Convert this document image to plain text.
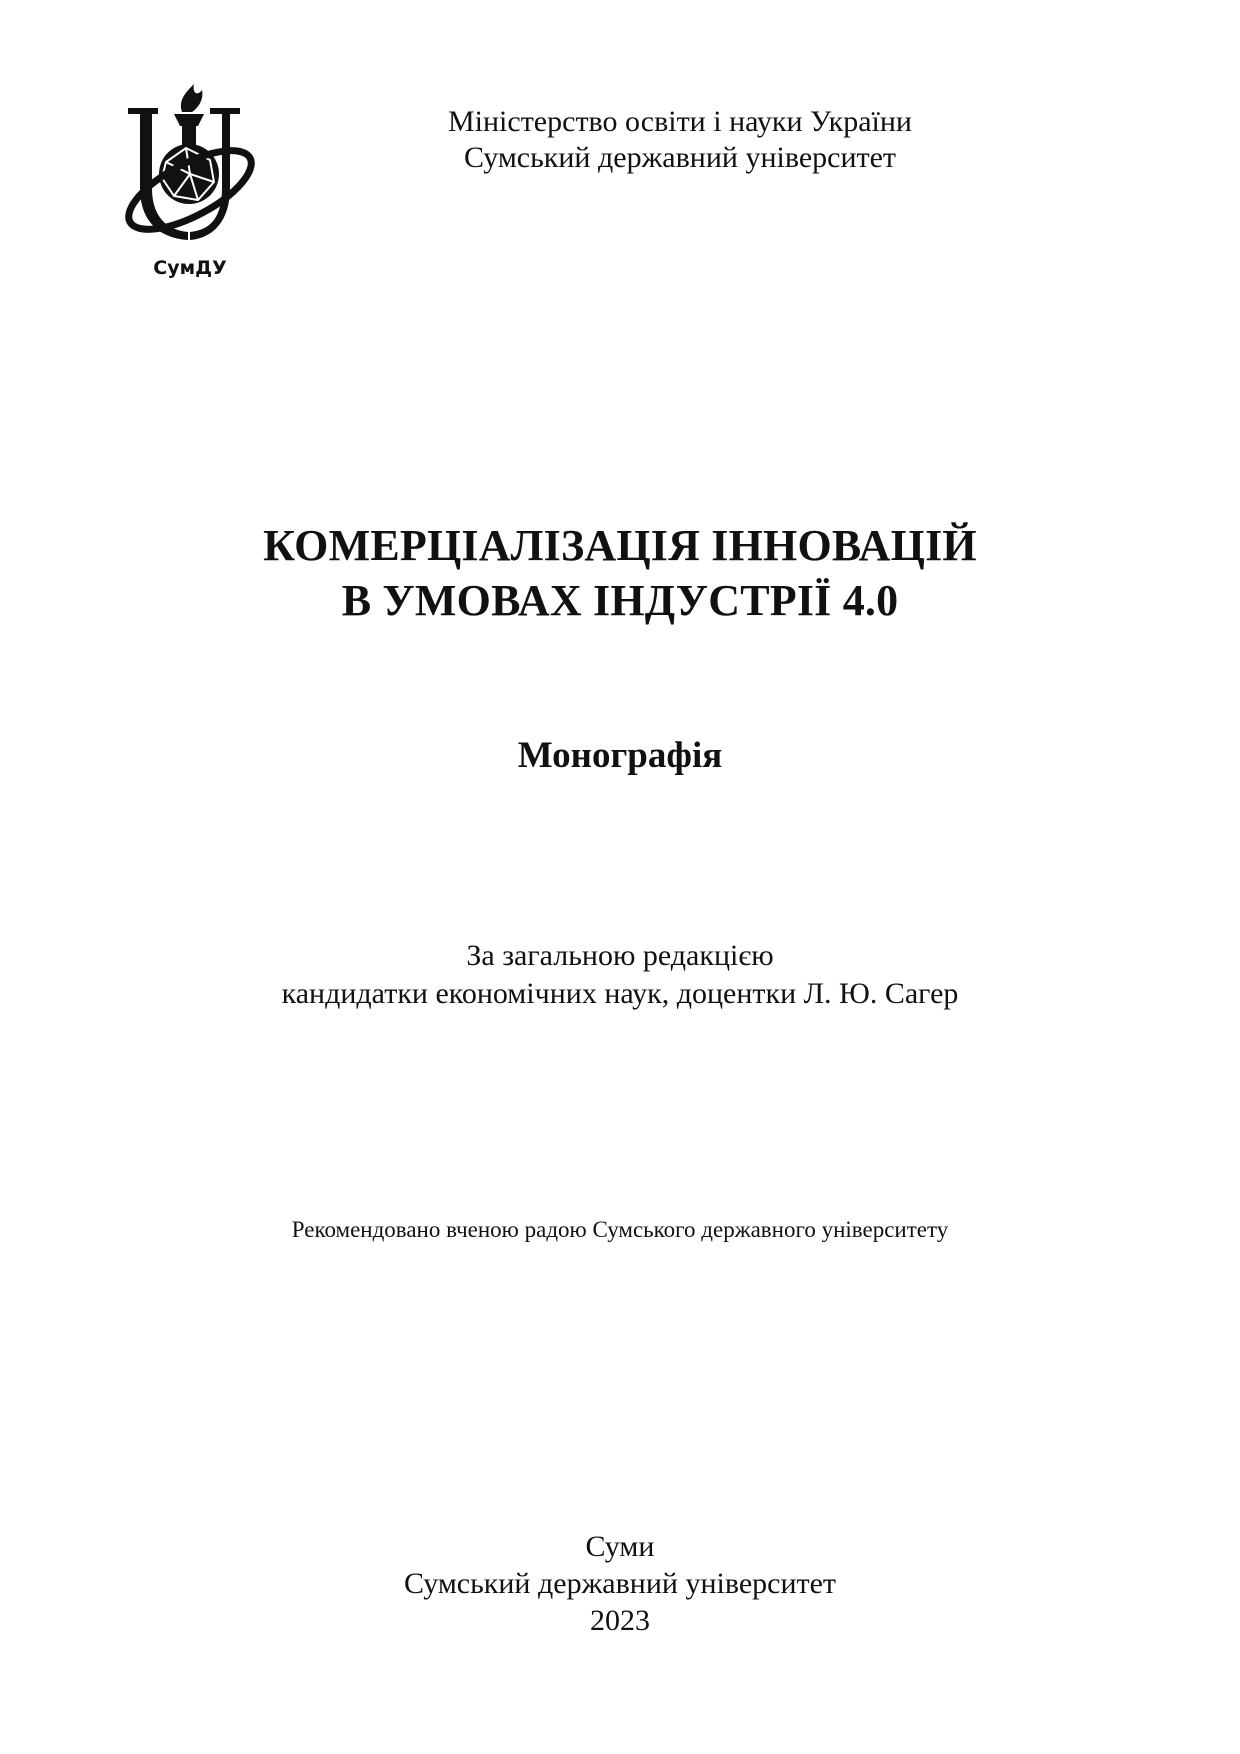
СумДУ
Міністерство освіти і науки України
Сумський державний університет
КОМЕРЦІАЛІЗАЦІЯ ІННОВАЦІЙ
В УМОВАХ ІНДУСТРІЇ 4.0
Монографія
За загальною редакцією
кандидатки економічних наук, доцентки Л. Ю. Сагер
Рекомендовано вченою радою Сумського державного університету
Суми
Сумський державний університет
2023
